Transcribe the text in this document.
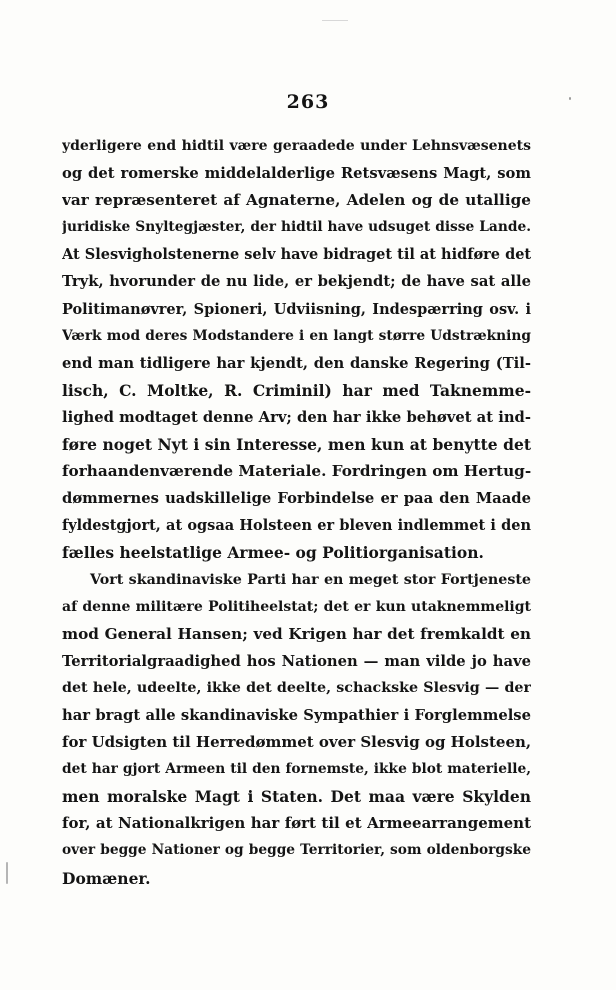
263
yderligere end hidtil være geraadede under Lehnsvæsenets
og det romerske middelalderlige Retsvæsens Magt, som
var repræsenteret af Agnaterne, Adelen og de utallige
juridiske Snyltegjæster, der hidtil have udsuget disse Lande.
At Slesvigholstenerne selv have bidraget til at hidføre det
Tryk, hvorunder de nu lide, er bekjendt; de have sat alle
Politimanøvrer, Spioneri, Udviisning, Indespærring osv. i
Værk mod deres Modstandere i en langt større Udstrækning
end man tidligere har kjendt, den danske Regering (Til-
lisch, C. Moltke, R. Criminil) har med Taknemme-
lighed modtaget denne Arv; den har ikke behøvet at ind-
føre noget Nyt i sin Interesse, men kun at benytte det
forhaandenværende Materiale. Fordringen om Hertug-
dømmernes uadskillelige Forbindelse er paa den Maade
fyldestgjort, at ogsaa Holsteen er bleven indlemmet i den
fælles heelstatlige Armee- og Politiorganisation.
Vort skandinaviske Parti har en meget stor Fortjeneste
af denne militære Politiheelstat; det er kun utaknemmeligt
mod General Hansen; ved Krigen har det fremkaldt en
Territorialgraadighed hos Nationen — man vilde jo have
det hele, udeelte, ikke det deelte, schackske Slesvig — der
har bragt alle skandinaviske Sympathier i Forglemmelse
for Udsigten til Herredømmet over Slesvig og Holsteen,
det har gjort Armeen til den fornemste, ikke blot materielle,
men moralske Magt i Staten. Det maa være Skylden
for, at Nationalkrigen har ført til et Armeearrangement
over begge Nationer og begge Territorier, som oldenborgske
Domæner.
